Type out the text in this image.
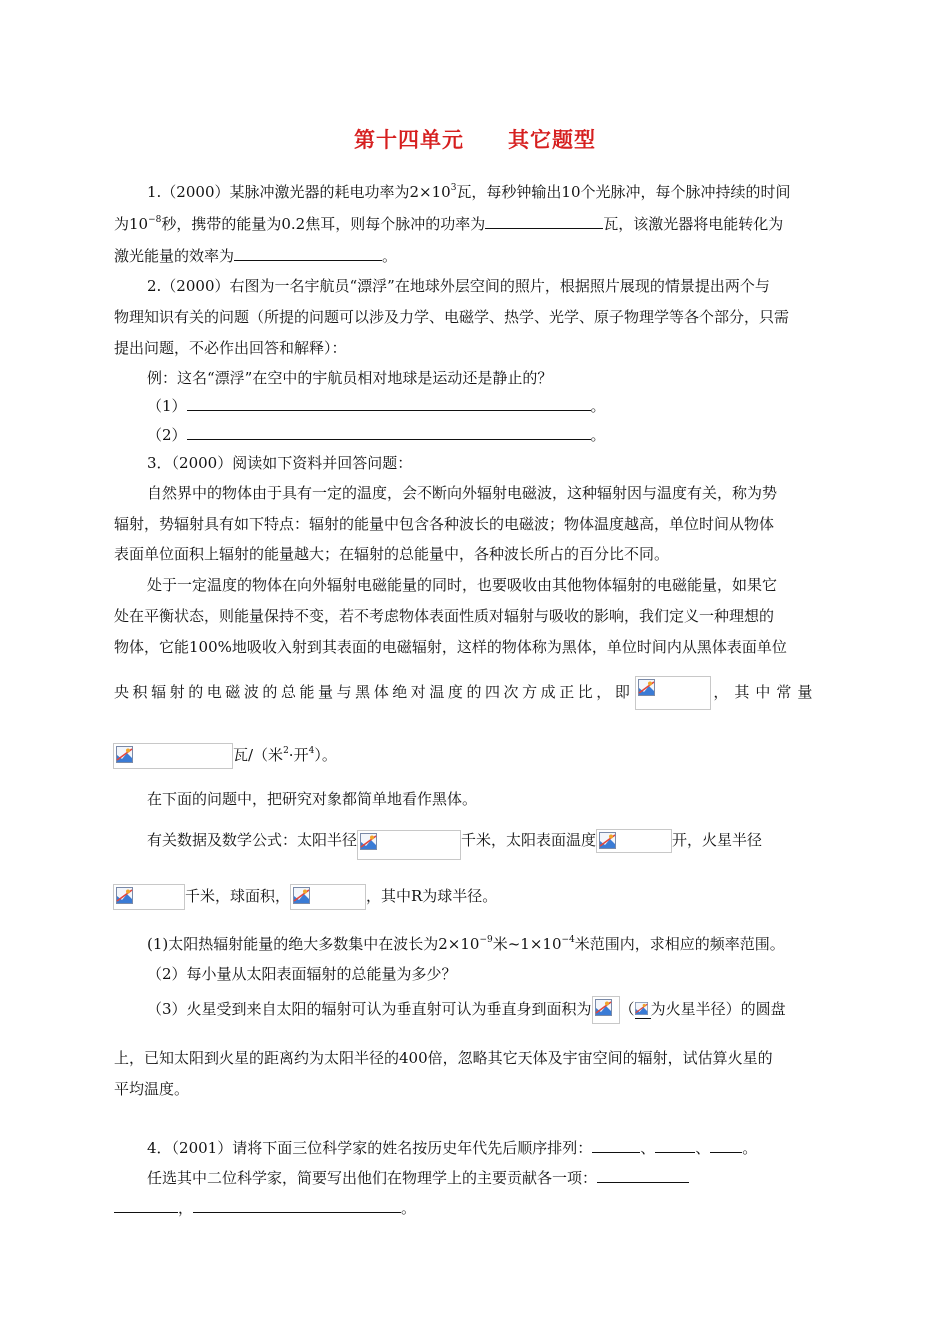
第十四单元 其它题型
1.（2000）某脉冲激光器的耗电功率为$2\times 10^3$瓦，每秒钟输出10个光脉冲，每个脉冲持续的时间
为$10^{-8}$秒，携带的能量为0.2焦耳，则每个脉冲的功率为	瓦，该激光器将电能转化为
激光能量的效率为	。
2.（2000）右图为一名宇航员“漂浮”在地球外层空间的照片，根据照片展现的情景提出两个与
物理知识有关的问题（所提的问题可以涉及力学、电磁学、热学、光学、原子物理学等各个部分，只需
提出问题，不必作出回答和解释）：
例：这名“漂浮”在空中的宇航员相对地球是运动还是静止的？
（1）	。
（2）	。
3．（2000）阅读如下资料并回答问题：
自然界中的物体由于具有一定的温度，会不断向外辐射电磁波，这种辐射因与温度有关，称为势
辐射，势辐射具有如下特点：辐射的能量中包含各种波长的电磁波；物体温度越高，单位时间从物体
表面单位面积上辐射的能量越大；在辐射的总能量中，各种波长所占的百分比不同。
处于一定温度的物体在向外辐射电磁能量的同时，也要吸收由其他物体辐射的电磁能量，如果它
处在平衡状态，则能量保持不变，若不考虑物体表面性质对辐射与吸收的影响，我们定义一种理想的
物体，它能100%地吸收入射到其表面的电磁辐射，这样的物体称为黑体，单位时间内从黑体表面单位
央积辐射的电磁波的总能量与黑体绝对温度的四次方成正比，即	，其中常量
瓦/（米$^2$·开$^4$）。
在下面的问题中，把研究对象都简单地看作黑体。
有关数据及数学公式：太阳半径	千米，太阳表面温度	开，火星半径
千米，球面积，	，其中R为球半径。
(1)太阳热辐射能量的绝大多数集中在波长为$2\times 10^{-9}$米$\sim 1\times 10^{-4}$米范围内，求相应的频率范围。
（2）每小量从太阳表面辐射的总能量为多少？
（3）火星受到来自太阳的辐射可认为垂直射可认为垂直身到面积为 （ 为火星半径）的圆盘
上，已知太阳到火星的距离约为太阳半径的400倍，忽略其它天体及宇宙空间的辐射，试估算火星的
平均温度。
4．（2001）请将下面三位科学家的姓名按历史年代先后顺序排列：	、	、 。
任选其中二位科学家，简要写出他们在物理学上的主要贡献各一项：
，	。
